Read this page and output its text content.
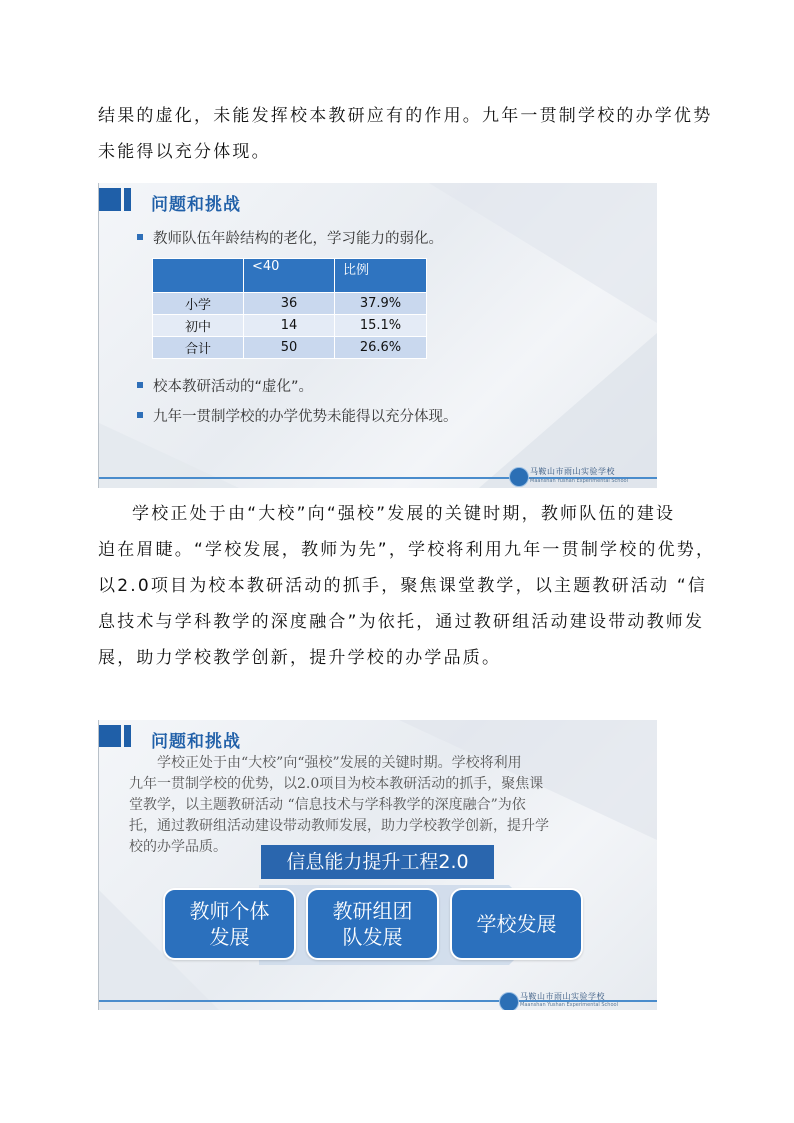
结果的虚化，未能发挥校本教研应有的作用。九年一贯制学校的办学优势
未能得以充分体现。
问题和挑战
教师队伍年龄结构的老化，学习能力的弱化。
	<40	比例
小学	36	37.9%
初中	14	15.1%
合计	50	26.6%
校本教研活动的“虚化”。
九年一贯制学校的办学优势未能得以充分体现。
马鞍山市雨山实验学校
Maanshan Yushan Experimental School
学校正处于由“大校”向“强校”发展的关键时期，教师队伍的建设
迫在眉睫。“学校发展，教师为先”，学校将利用九年一贯制学校的优势，
以2.0项目为校本教研活动的抓手，聚焦课堂教学，以主题教研活动 “信
息技术与学科教学的深度融合”为依托，通过教研组活动建设带动教师发
展，助力学校教学创新，提升学校的办学品质。
问题和挑战
学校正处于由“大校”向“强校”发展的关键时期。学校将利用
九年一贯制学校的优势，以2.0项目为校本教研活动的抓手，聚焦课
堂教学，以主题教研活动 “信息技术与学科教学的深度融合”为依
托，通过教研组活动建设带动教师发展，助力学校教学创新，提升学
校的办学品质。
信息能力提升工程2.0
教师个体
发展
教研组团
队发展
学校发展
马鞍山市雨山实验学校
Maanshan Yushan Experimental School
